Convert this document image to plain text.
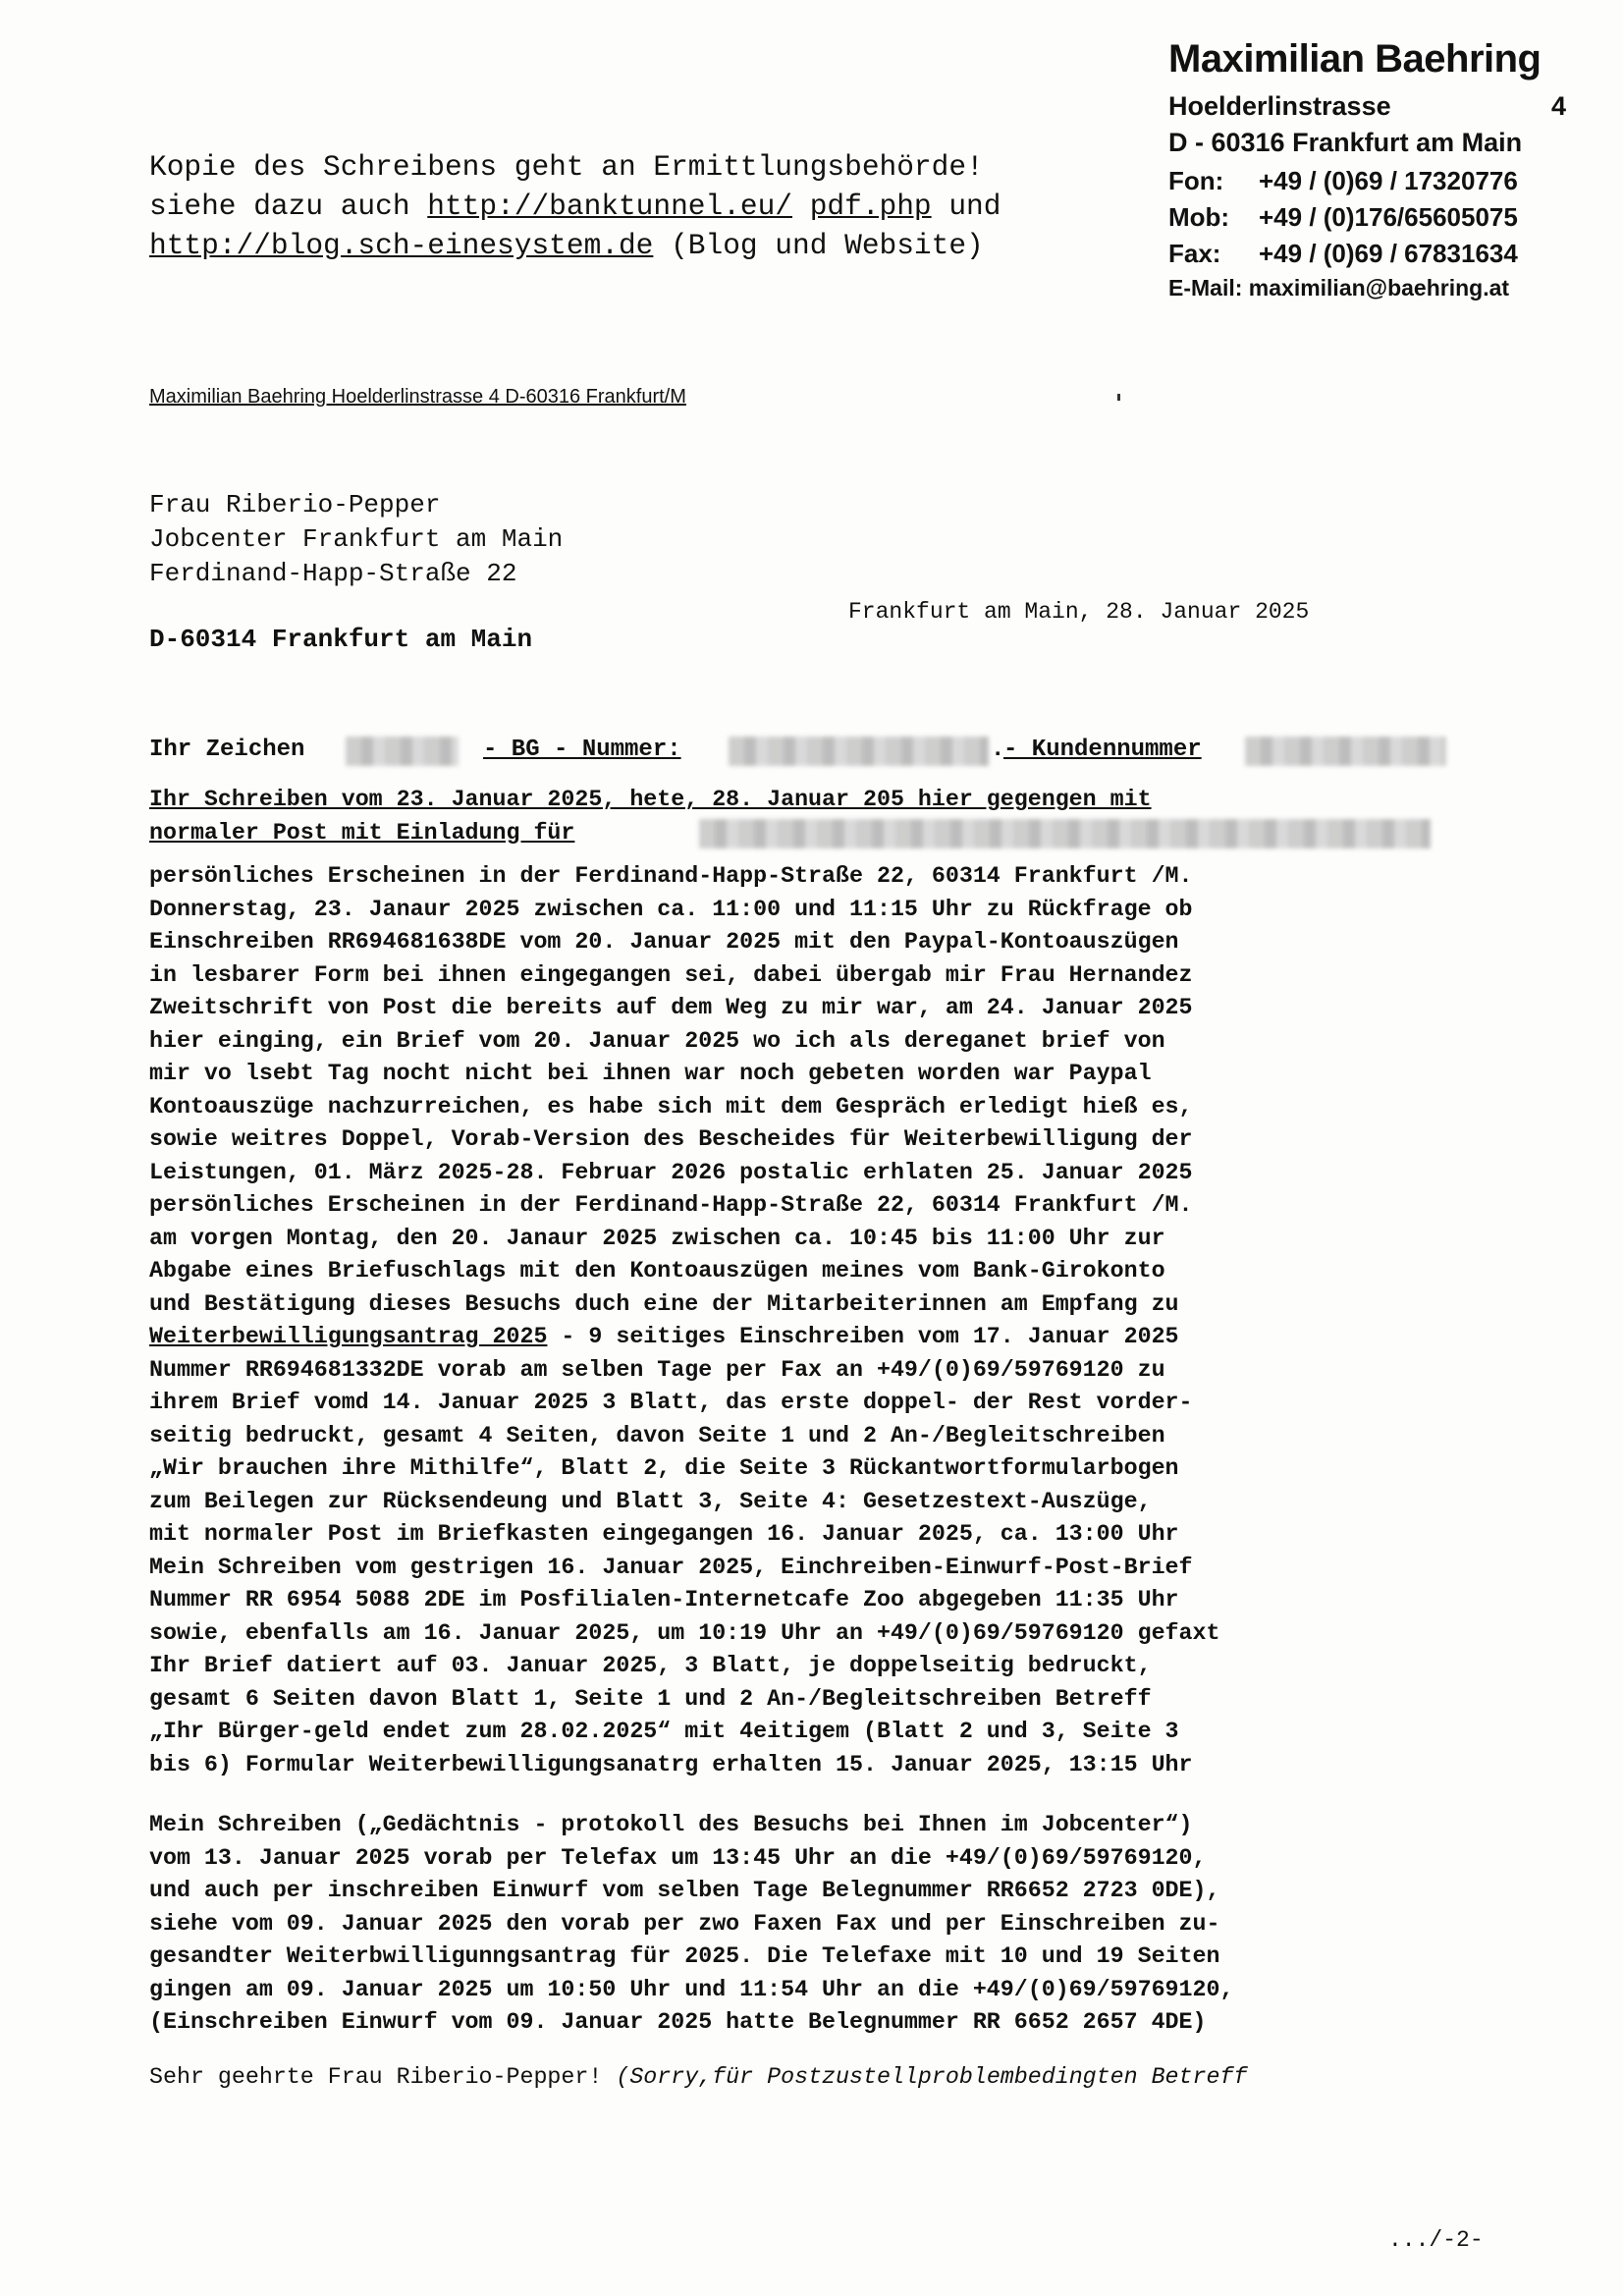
Maximilian Baehring
Hoelderlinstrasse	4
D - 60316 Frankfurt am Main
Fon: +49 / (0)69 / 17320776
Mob: +49 / (0)176/65605075
Fax: +49 / (0)69 / 67831634
E-Mail: maximilian@baehring.at
Kopie des Schreibens geht an Ermittlungsbehörde!
siehe dazu auch http://banktunnel.eu/ pdf.php und
http://blog.sch-einesystem.de (Blog und Website)
Maximilian Baehring Hoelderlinstrasse 4 D-60316 Frankfurt/M
Frau Riberio-Pepper
Jobcenter Frankfurt am Main
Ferdinand-Happ-Straße 22
Frankfurt am Main, 28. Januar 2025
D-60314 Frankfurt am Main
Ihr Zeichen	- BG - Nummer:	.
- Kundennummer
Ihr Schreiben vom 23. Januar 2025, hete, 28. Januar 205 hier gegengen mit
normaler Post mit Einladung für
persönliches Erscheinen in der Ferdinand-Happ-Straße 22, 60314 Frankfurt /M.
Donnerstag, 23. Janaur 2025 zwischen ca. 11:00 und 11:15 Uhr zu Rückfrage ob
Einschreiben RR694681638DE vom 20. Januar 2025 mit den Paypal-Kontoauszügen
in lesbarer Form bei ihnen eingegangen sei, dabei übergab mir Frau Hernandez
Zweitschrift von Post die bereits auf dem Weg zu mir war, am 24. Januar 2025
hier einging, ein Brief vom 20. Januar 2025 wo ich als dereganet brief von
mir vo lsebt Tag nocht nicht bei ihnen war noch gebeten worden war Paypal
Kontoauszüge nachzurreichen, es habe sich mit dem Gespräch erledigt hieß es,
sowie weitres Doppel, Vorab-Version des Bescheides für Weiterbewilligung der
Leistungen, 01. März 2025-28. Februar 2026 postalic erhlaten 25. Januar 2025
persönliches Erscheinen in der Ferdinand-Happ-Straße 22, 60314 Frankfurt /M.
am vorgen Montag, den 20. Janaur 2025 zwischen ca. 10:45 bis 11:00 Uhr zur
Abgabe eines Briefuschlags mit den Kontoauszügen meines vom Bank-Girokonto
und Bestätigung dieses Besuchs duch eine der Mitarbeiterinnen am Empfang zu
Weiterbewilligungsantrag 2025 - 9 seitiges Einschreiben vom 17. Januar 2025
Nummer RR694681332DE vorab am selben Tage per Fax an +49/(0)69/59769120 zu
ihrem Brief vomd 14. Januar 2025 3 Blatt, das erste doppel- der Rest vorder-
seitig bedruckt, gesamt 4 Seiten, davon Seite 1 und 2 An-/Begleitschreiben
„Wir brauchen ihre Mithilfe“, Blatt 2, die Seite 3 Rückantwortformularbogen
zum Beilegen zur Rücksendeung und Blatt 3, Seite 4: Gesetzestext-Auszüge,
mit normaler Post im Briefkasten eingegangen 16. Januar 2025, ca. 13:00 Uhr
Mein Schreiben vom gestrigen 16. Januar 2025, Einchreiben-Einwurf-Post-Brief
Nummer RR 6954 5088 2DE im Posfilialen-Internetcafe Zoo abgegeben 11:35 Uhr
sowie, ebenfalls am 16. Januar 2025, um 10:19 Uhr an +49/(0)69/59769120 gefaxt
Ihr Brief datiert auf 03. Januar 2025, 3 Blatt, je doppelseitig bedruckt,
gesamt 6 Seiten davon Blatt 1, Seite 1 und 2 An-/Begleitschreiben Betreff
„Ihr Bürger-geld endet zum 28.02.2025“ mit 4eitigem (Blatt 2 und 3, Seite 3
bis 6) Formular Weiterbewilligungsanatrg erhalten 15. Januar 2025, 13:15 Uhr
Mein Schreiben („Gedächtnis - protokoll des Besuchs bei Ihnen im Jobcenter“)
vom 13. Januar 2025 vorab per Telefax um 13:45 Uhr an die +49/(0)69/59769120,
und auch per inschreiben Einwurf vom selben Tage Belegnummer RR6652 2723 0DE),
siehe vom 09. Januar 2025 den vorab per zwo Faxen Fax und per Einschreiben zu-
gesandter Weiterbwilligunngsantrag für 2025. Die Telefaxe mit 10 und 19 Seiten
gingen am 09. Januar 2025 um 10:50 Uhr und 11:54 Uhr an die +49/(0)69/59769120,
(Einschreiben Einwurf vom 09. Januar 2025 hatte Belegnummer RR 6652 2657 4DE)
Sehr geehrte Frau Riberio-Pepper! (Sorry,für Postzustellproblembedingten Betreff
.../-2-
